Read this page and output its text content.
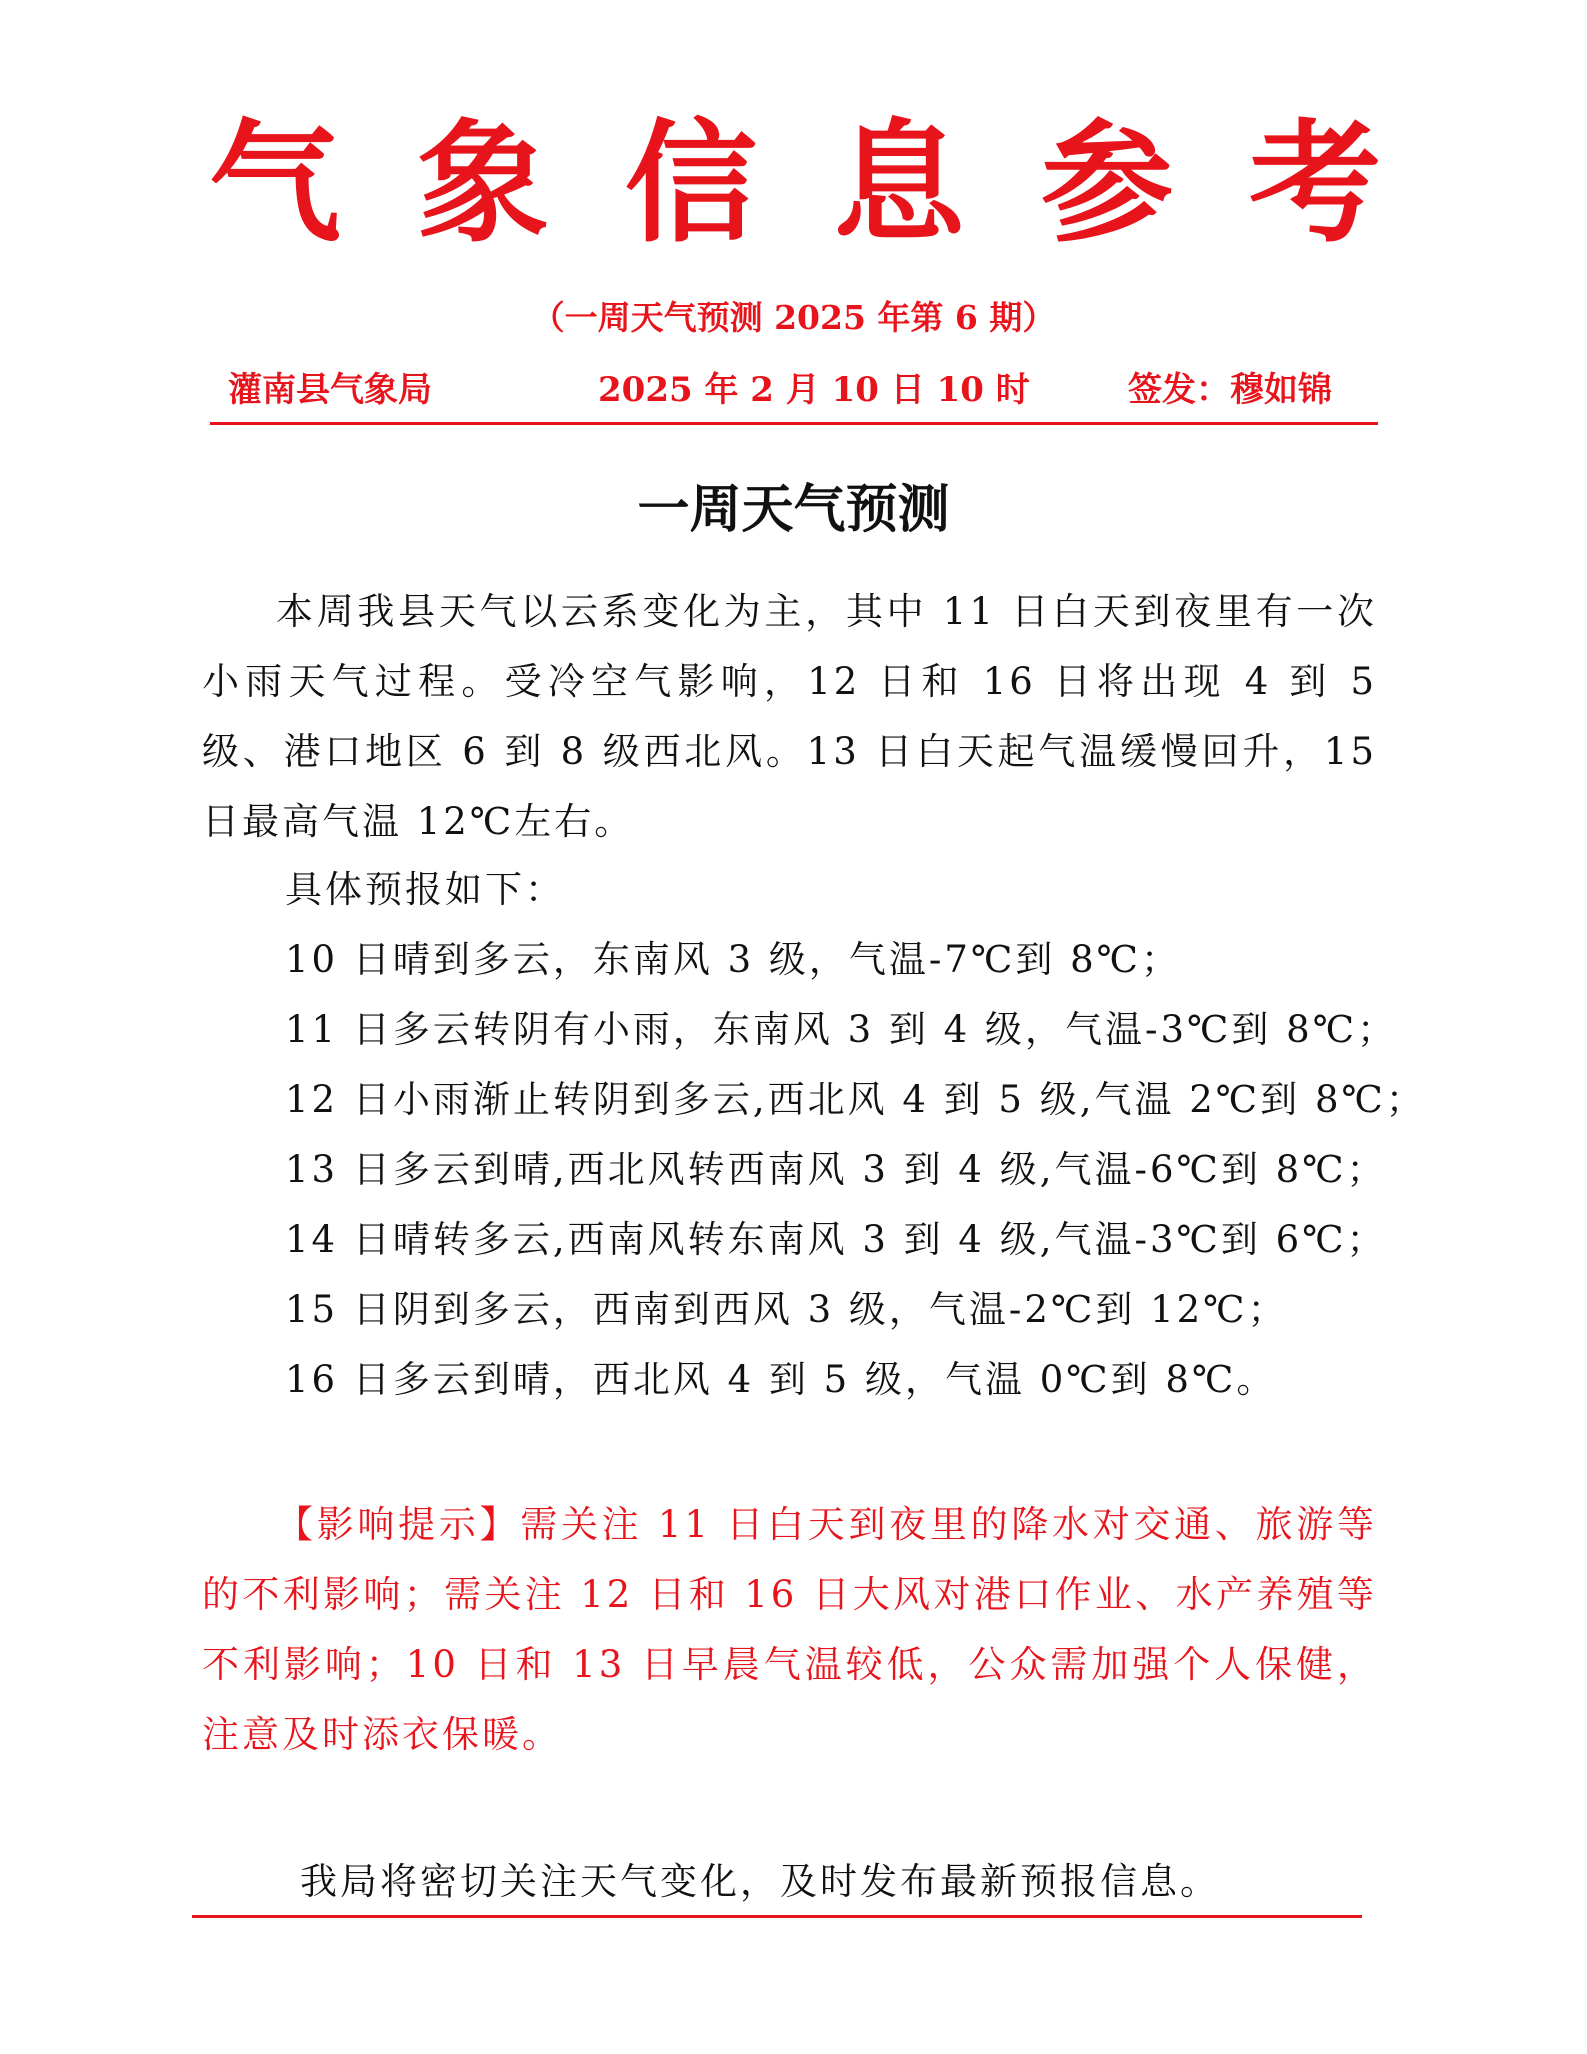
气 象 信 息 参 考
（一周天气预测 2025 年第 6 期）
灌南县气象局	2025 年 2 月 10 日 10 时	签发：穆如锦
一周天气预测

本周我县天气以云系变化为主，其中 11 日白天到夜里有一次小雨天气过程。受冷空气影响，12 日和 16 日将出现 4 到 5 级、港口地区 6 到 8 级西北风。13 日白天起气温缓慢回升，15 日最高气温 12℃左右。

具体预报如下：
10 日晴到多云，东南风 3 级，气温-7℃到 8℃；
11 日多云转阴有小雨，东南风 3 到 4 级，气温-3℃到 8℃；
12 日小雨渐止转阴到多云,西北风 4 到 5 级,气温 2℃到 8℃；
13 日多云到晴,西北风转西南风 3 到 4 级,气温-6℃到 8℃；
14 日晴转多云,西南风转东南风 3 到 4 级,气温-3℃到 6℃；
15 日阴到多云，西南到西风 3 级，气温-2℃到 12℃；
16 日多云到晴，西北风 4 到 5 级，气温 0℃到 8℃。

【影响提示】需关注 11 日白天到夜里的降水对交通、旅游等的不利影响；需关注 12 日和 16 日大风对港口作业、水产养殖等不利影响；10 日和 13 日早晨气温较低，公众需加强个人保健，注意及时添衣保暖。

我局将密切关注天气变化，及时发布最新预报信息。
